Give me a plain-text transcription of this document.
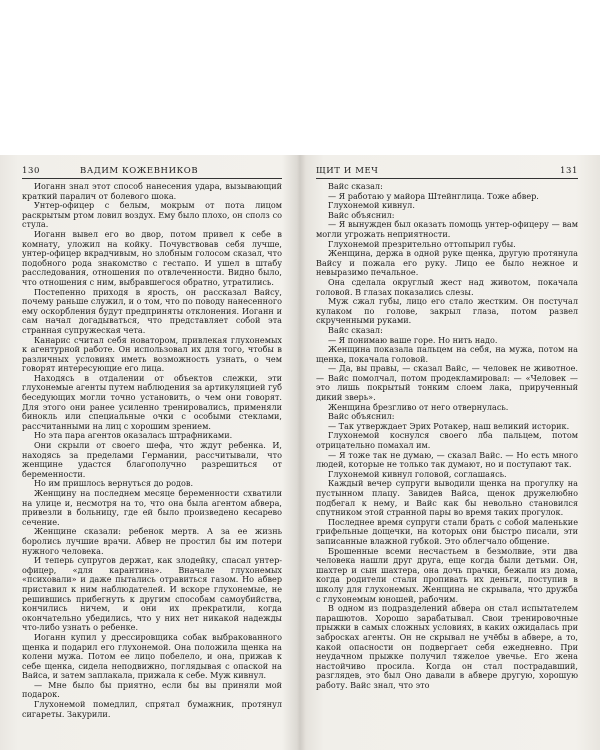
130	ВАДИМ КОЖЕВНИКОВ

Иоганн знал этот способ нанесения удара, вызывающий краткий паралич от болевого шока.

Унтер-офицер с белым, мокрым от пота лицом раскрытым ртом ловил воздух. Ему было плохо, он сполз со стула.

Иоганн вывел его во двор, потом привел к себе в комнату, уложил на койку. Почувствовав себя лучше, унтер-офицер вкрадчивым, но злобным голосом сказал, что подобного рода знакомство с гестапо. И ушел в штабу расследования, отношения по отвлеченности. Видно было, что отношения с ним, выбравшегося обратно, утратились.

Постепенно приходя в ярость, он рассказал Вайсу, почему раньше служил, и о том, что по поводу нанесенного ему оскорбления будут предприняты отклонения. Иоганн и сам начал догадываться, что представляет собой эта странная супружеская чета.

Канарис считал себя новатором, привлекая глухонемых к агентурной работе. Он использовал их для того, чтобы в различных условиях иметь возможность узнать, о чем говорят интересующие его лица.

Находясь в отдалении от объектов слежки, эти глухонемые агенты путем наблюдения за артикуляцией губ беседующих могли точно установить, о чем они говорят. Для этого они ранее усиленно тренировались, применяли бинокль или специальные очки с особыми стеклами, рассчитанными на лиц с хорошим зрением.

Но эта пара агентов оказалась штрафниками.

Они скрыли от своего шефа, что ждут ребенка. И, находясь за пределами Германии, рассчитывали, что женщине удастся благополучно разрешиться от беременности.

Но им пришлось вернуться до родов.

Женщину на последнем месяце беременности схватили на улице и, несмотря на то, что она была агентом абвера, привезли в больницу, где ей было произведено кесарево сечение.

Женщине сказали: ребенок мертв. А за ее жизнь боролись лучшие врачи. Абвер не простил бы им потери нужного человека.

И теперь супругов держат, как злодейку, спасал унтер-офицер, «для карантина». Вначале глухонемых «психовали» и даже пытались отравиться газом. Но абвер приставил к ним наблюдателей. И вскоре глухонемые, не решившись прибегнуть к другим способам самоубийства, кончились ничем, и они их прекратили, когда окончательно убедились, что у них нет никакой надежды что-либо узнать о ребенке.

Иоганн купил у дрессировщика собак выбракованного щенка и подарил его глухонемой. Она положила щенка на колени мужа. Потом ее лицо побелело, и она, прижав к себе щенка, сидела неподвижно, поглядывая с опаской на Вайса, и затем заплакала, прижала к себе. Муж кивнул.

— Мне было бы приятно, если бы вы приняли мой подарок.

Глухонемой помедлил, спрятал бумажник, протянул сигареты. Закурили.

ЩИТ И МЕЧ	131

Вайс сказал:

— Я работаю у майора Штейнглица. Тоже абвер.

Глухонемой кивнул.

Вайс объяснил:

— Я вынужден был оказать помощь унтер-офицеру — вам могли угрожать неприятности.

Глухонемой презрительно оттопырил губы.

Женщина, держа в одной руке щенка, другую протянула Вайсу и пожала его руку. Лицо ее было нежное и невыразимо печальное.

Она сделала округлый жест над животом, покачала головой. В глазах показались слезы.

Муж сжал губы, лицо его стало жестким. Он постучал кулаком по голове, закрыл глаза, потом развел скрученными руками.

Вайс сказал:

— Я понимаю ваше горе. Но нить надо.

Женщина показала пальцем на себя, на мужа, потом на щенка, покачала головой.

— Да, вы правы, — сказал Вайс, — человек не животное. — Вайс помолчал, потом продекламировал: — «Человек — это лишь покрытый тонким слоем лака, прирученный дикий зверь».

Женщина брезгливо от него отвернулась.

Вайс объяснил:

— Так утверждает Эрих Ротакер, наш великий историк.

Глухонемой коснулся своего лба пальцем, потом отрицательно помахал им.

— Я тоже так не думаю, — сказал Вайс. — Но есть много людей, которые не только так думают, но и поступают так.

Глухонемой кивнул головой, соглашаясь.

Каждый вечер супруги выводили щенка на прогулку на пустынном плацу. Завидев Вайса, щенок дружелюбно подбегал к нему, и Вайс как бы невольно становился спутником этой странной пары во время таких прогулок.

Последнее время супруги стали брать с собой маленькие грифельные дощечки, на которых они быстро писали, эти записанные влажной губкой. Это облегчало общение.

Брошенные всеми несчастьем в безмолвие, эти два человека нашли друг друга, еще когда были детьми. Он, шахтер и сын шахтера, она дочь прачки, бежали из дома, когда родители стали пропивать их деньги, поступив в школу для глухонемых. Женщина не скрывала, что дружба с глухонемым юношей, рабочим.

В одном из подразделений абвера он стал испытателем парашютов. Хорошо зарабатывал. Свои тренировочные прыжки в самых сложных условиях, в каких ожидалась при забросках агенты. Он не скрывал не учёбы в абвере, а то, какой опасности он подвергает себя ежедневно. При неудачном прыжке получил тяжелое увечье. Его жена настойчиво просила. Когда он стал пострадавший, разглядев, это был Оно давали в абвере другую, хорошую работу. Вайс знал, что это
